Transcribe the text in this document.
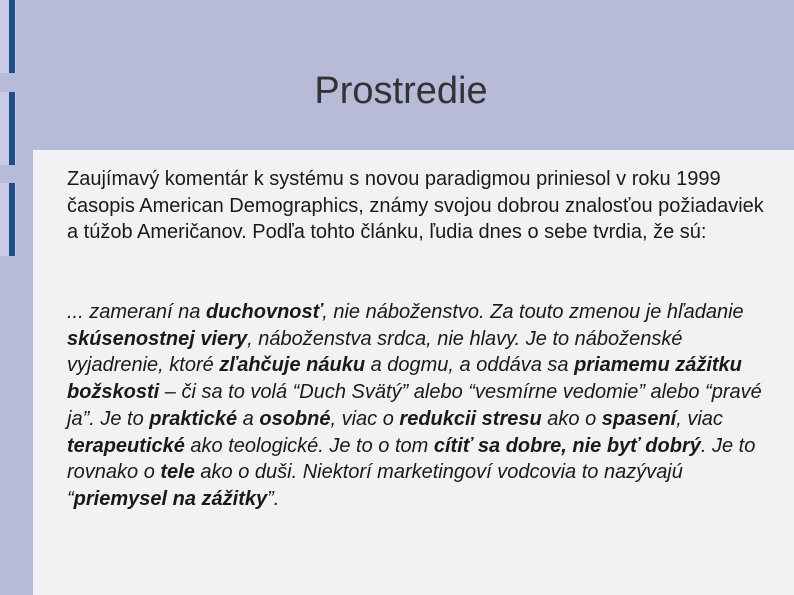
Prostredie

Zaujímavý komentár k systému s novou paradigmou priniesol v roku 1999 časopis American Demographics, známy svojou dobrou znalosťou požiadaviek a túžob Američanov. Podľa tohto článku, ľudia dnes o sebe tvrdia, že sú:

... zameraní na duchovnosť, nie náboženstvo. Za touto zmenou je hľadanie skúsenostnej viery, náboženstva srdca, nie hlavy. Je to náboženské vyjadrenie, ktoré zľahčuje náuku a dogmu, a oddáva sa priamemu zážitku božskosti – či sa to volá “Duch Svätý” alebo “vesmírne vedomie” alebo “pravé ja”. Je to praktické a osobné, viac o redukcii stresu ako o spasení, viac terapeutické ako teologické. Je to o tom cítiť sa dobre, nie byť dobrý. Je to rovnako o tele ako o duši. Niektorí marketingoví vodcovia to nazývajú “priemysel na zážitky”.
